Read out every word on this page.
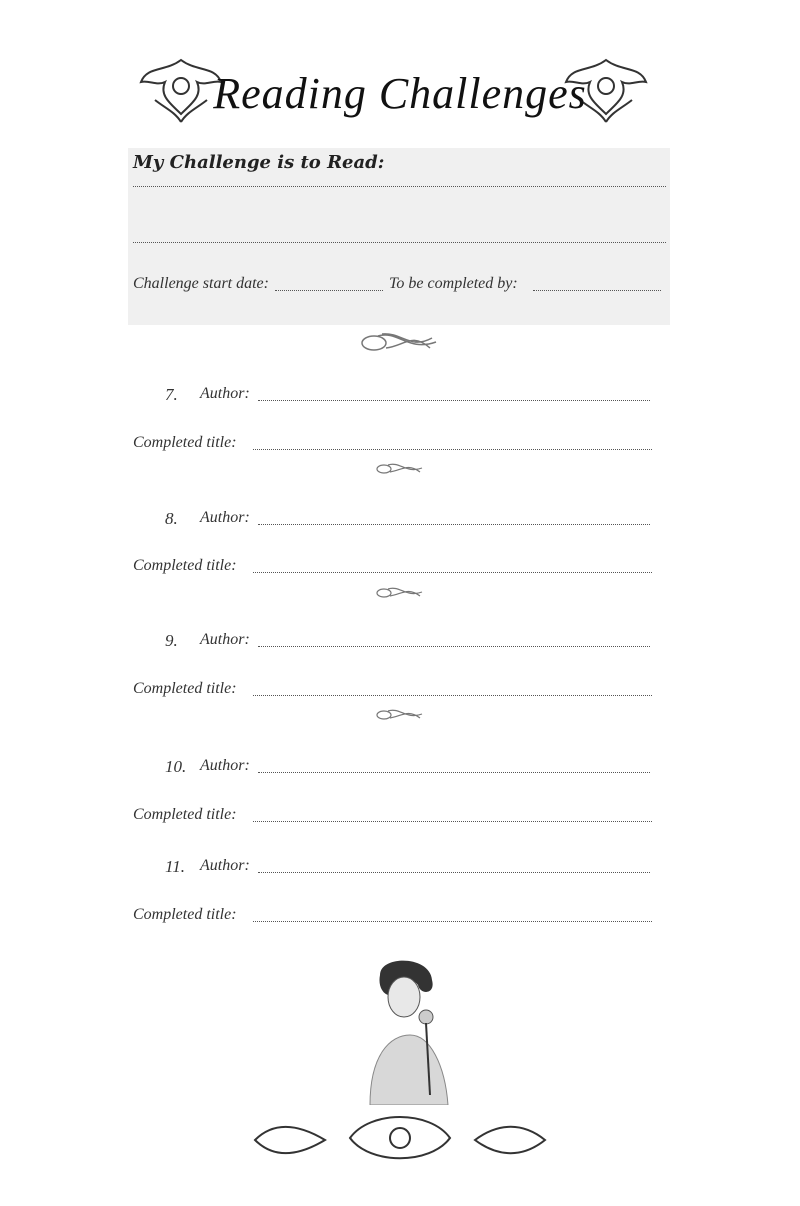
Reading Challenges
My Challenge is to Read:
Challenge start date:	To be completed by:
7. Author:
Completed title:
8. Author:
Completed title:
9. Author:
Completed title:
10. Author:
Completed title:
11. Author:
Completed title:
